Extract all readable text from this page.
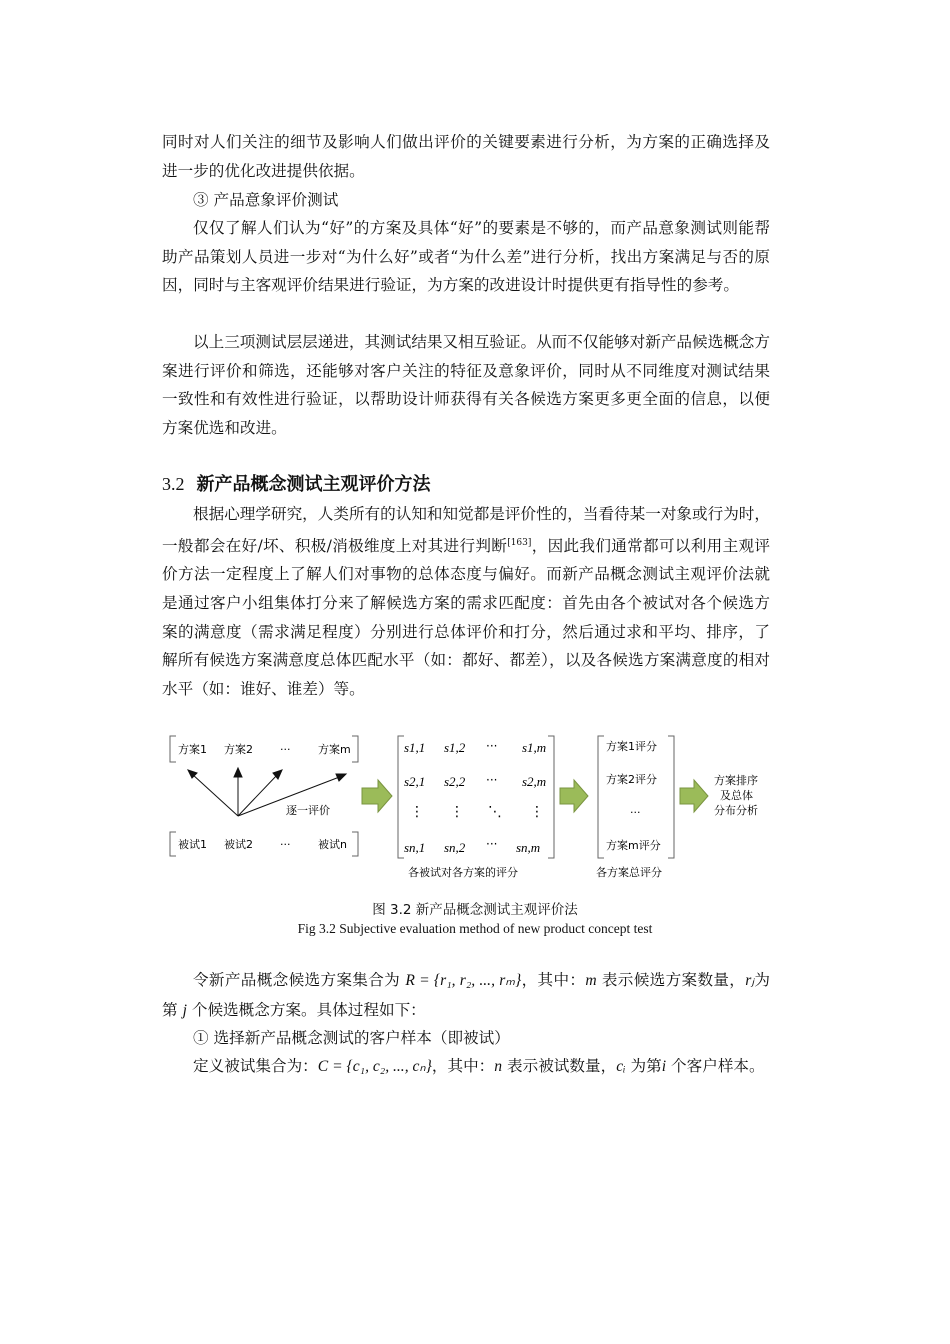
同时对人们关注的细节及影响人们做出评价的关键要素进行分析，为方案的正确选择及进一步的优化改进提供依据。

③ 产品意象评价测试

仅仅了解人们认为“好”的方案及具体“好”的要素是不够的，而产品意象测试则能帮助产品策划人员进一步对“为什么好”或者“为什么差”进行分析，找出方案满足与否的原因，同时与主客观评价结果进行验证，为方案的改进设计时提供更有指导性的参考。

以上三项测试层层递进，其测试结果又相互验证。从而不仅能够对新产品候选概念方案进行评价和筛选，还能够对客户关注的特征及意象评价，同时从不同维度对测试结果一致性和有效性进行验证，以帮助设计师获得有关各候选方案更多更全面的信息，以便方案优选和改进。

3.2 新产品概念测试主观评价方法

根据心理学研究，人类所有的认知和知觉都是评价性的，当看待某一对象或行为时，一般都会在好/坏、积极/消极维度上对其进行判断[163]，因此我们通常都可以利用主观评价方法一定程度上了解人们对事物的总体态度与偏好。而新产品概念测试主观评价法就是通过客户小组集体打分来了解候选方案的需求匹配度：首先由各个被试对各个候选方案的满意度（需求满足程度）分别进行总体评价和打分，然后通过求和平均、排序，了解所有候选方案满意度总体匹配水平（如：都好、都差），以及各候选方案满意度的相对水平（如：谁好、谁差）等。

方案1 方案2 ···	方案m
逐一评价
被试1 被试2 ···	被试n
s1,1 s1,2 ··· s1,m
s2,1 s2,2 ··· s2,m
⋮ ⋮ ⋱ ⋮
sn,1 sn,2 ··· sn,m
各被试对各方案的评分
方案1评分
方案2评分
···
方案m评分
各方案总评分
方案排序
及总体
分布分析
图 3.2 新产品概念测试主观评价法
Fig 3.2 Subjective evaluation method of new product concept test

令新产品概念候选方案集合为 R = {r₁, r₂, ..., rₘ}，其中：m 表示候选方案数量，rⱼ为第 j 个候选概念方案。具体过程如下：

① 选择新产品概念测试的客户样本（即被试）

定义被试集合为：C = {c₁, c₂, ..., cₙ}，其中：n 表示被试数量，cᵢ 为第i 个客户样本。
